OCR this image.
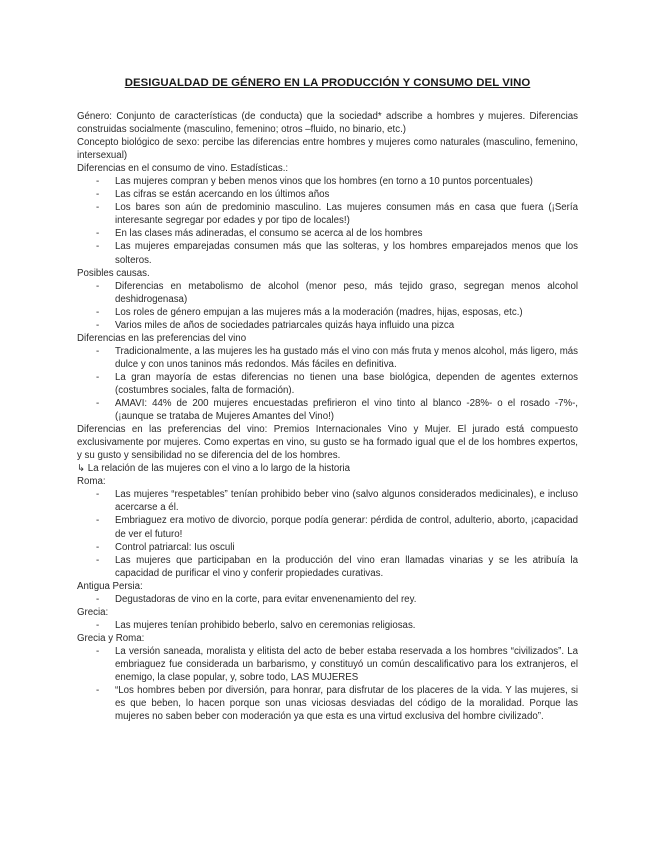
DESIGUALDAD DE GÉNERO EN LA PRODUCCIÓN Y CONSUMO DEL VINO

Género: Conjunto de características (de conducta) que la sociedad* adscribe a hombres y mujeres. Diferencias construidas socialmente (masculino, femenino; otros –fluido, no binario, etc.)

Concepto biológico de sexo: percibe las diferencias entre hombres y mujeres como naturales (masculino, femenino, intersexual)

Diferencias en el consumo de vino. Estadísticas.:

- Las mujeres compran y beben menos vinos que los hombres (en torno a 10 puntos porcentuales)
- Las cifras se están acercando en los últimos años
- Los bares son aún de predominio masculino. Las mujeres consumen más en casa que fuera (¡Sería interesante segregar por edades y por tipo de locales!)
- En las clases más adineradas, el consumo se acerca al de los hombres
- Las mujeres emparejadas consumen más que las solteras, y los hombres emparejados menos que los solteros.

Posibles causas.

- Diferencias en metabolismo de alcohol (menor peso, más tejido graso, segregan menos alcohol deshidrogenasa)
- Los roles de género empujan a las mujeres más a la moderación (madres, hijas, esposas, etc.)
- Varios miles de años de sociedades patriarcales quizás haya influido una pizca

Diferencias en las preferencias del vino

- Tradicionalmente, a las mujeres les ha gustado más el vino con más fruta y menos alcohol, más ligero, más dulce y con unos taninos más redondos. Más fáciles en definitiva.
- La gran mayoría de estas diferencias no tienen una base biológica, dependen de agentes externos (costumbres sociales, falta de formación).
- AMAVI: 44% de 200 mujeres encuestadas prefirieron el vino tinto al blanco -28%- o el rosado -7%-, (¡aunque se trataba de Mujeres Amantes del Vino!)

Diferencias en las preferencias del vino: Premios Internacionales Vino y Mujer. El jurado está compuesto exclusivamente por mujeres. Como expertas en vino, su gusto se ha formado igual que el de los hombres expertos, y su gusto y sensibilidad no se diferencia del de los hombres.

↳ La relación de las mujeres con el vino a lo largo de la historia

Roma:

- Las mujeres “respetables” tenían prohibido beber vino (salvo algunos considerados medicinales), e incluso acercarse a él.
- Embriaguez era motivo de divorcio, porque podía generar: pérdida de control, adulterio, aborto, ¡capacidad de ver el futuro!
- Control patriarcal: Ius osculi
- Las mujeres que participaban en la producción del vino eran llamadas vinarias y se les atribuía la capacidad de purificar el vino y conferir propiedades curativas.

Antigua Persia:

- Degustadoras de vino en la corte, para evitar envenenamiento del rey.

Grecia:

- Las mujeres tenían prohibido beberlo, salvo en ceremonias religiosas.

Grecia y Roma:

- La versión saneada, moralista y elitista del acto de beber estaba reservada a los hombres “civilizados”. La embriaguez fue considerada un barbarismo, y constituyó un común descalificativo para los extranjeros, el enemigo, la clase popular, y, sobre todo, LAS MUJERES
- “Los hombres beben por diversión, para honrar, para disfrutar de los placeres de la vida. Y las mujeres, si es que beben, lo hacen porque son unas viciosas desviadas del código de la moralidad. Porque las mujeres no saben beber con moderación ya que esta es una virtud exclusiva del hombre civilizado”.
